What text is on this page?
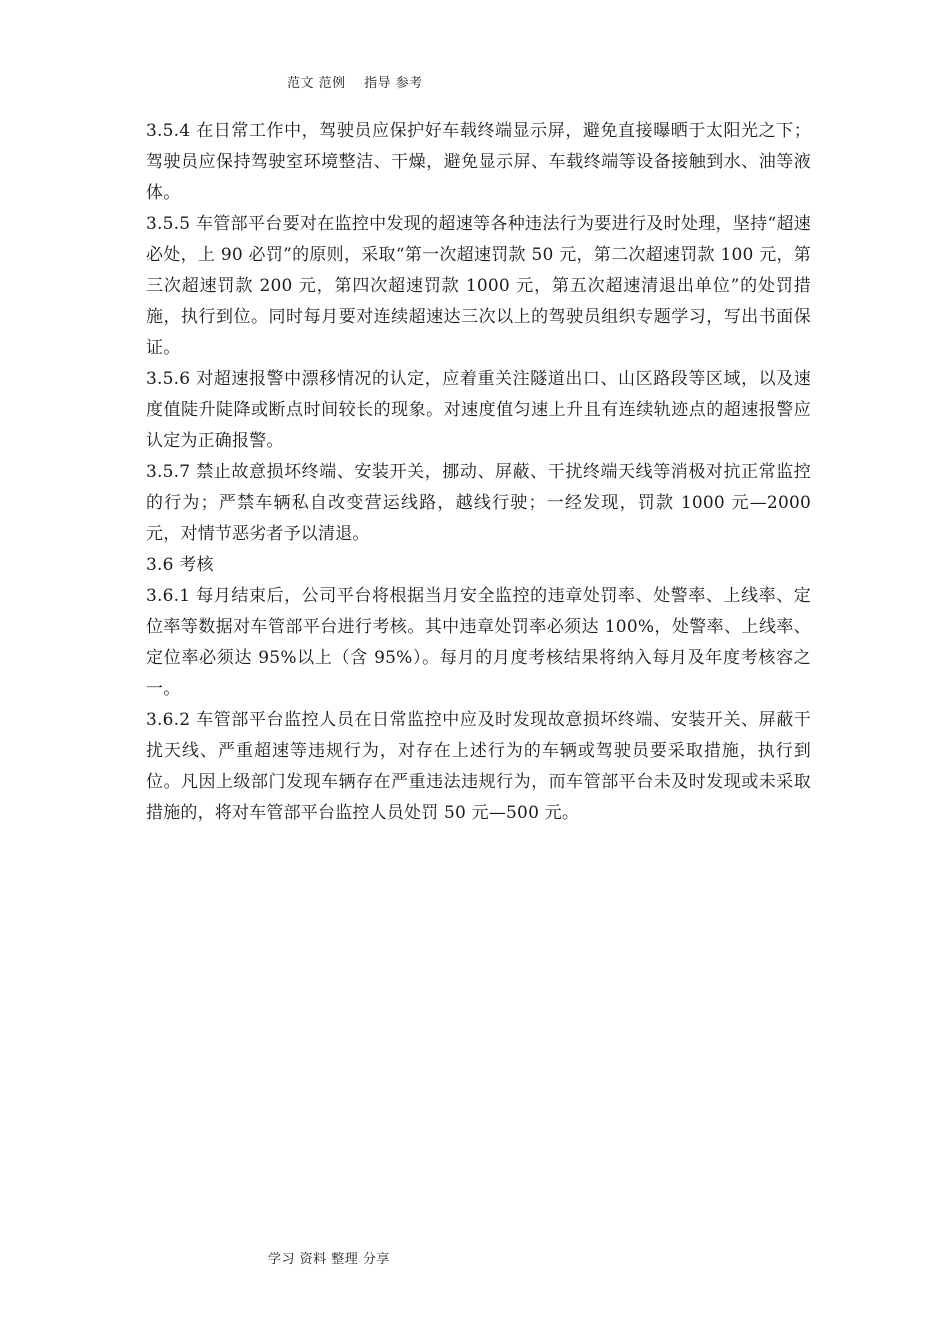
范文 范例    指导 参考

3.5.4 在日常工作中，驾驶员应保护好车载终端显示屏，避免直接曝晒于太阳光之下；驾驶员应保持驾驶室环境整洁、干燥，避免显示屏、车载终端等设备接触到水、油等液体。

3.5.5 车管部平台要对在监控中发现的超速等各种违法行为要进行及时处理，坚持“超速必处，上 90 必罚”的原则，采取“第一次超速罚款 50 元，第二次超速罚款 100 元，第三次超速罚款 200 元，第四次超速罚款 1000 元，第五次超速清退出单位”的处罚措施，执行到位。同时每月要对连续超速达三次以上的驾驶员组织专题学习，写出书面保证。

3.5.6 对超速报警中漂移情况的认定，应着重关注隧道出口、山区路段等区域，以及速度值陡升陡降或断点时间较长的现象。对速度值匀速上升且有连续轨迹点的超速报警应认定为正确报警。

3.5.7 禁止故意损坏终端、安装开关，挪动、屏蔽、干扰终端天线等消极对抗正常监控的行为；严禁车辆私自改变营运线路，越线行驶；一经发现，罚款 1000 元—2000 元，对情节恶劣者予以清退。

3.6 考核

3.6.1 每月结束后，公司平台将根据当月安全监控的违章处罚率、处警率、上线率、定位率等数据对车管部平台进行考核。其中违章处罚率必须达 100%，处警率、上线率、定位率必须达 95%以上（含 95%）。每月的月度考核结果将纳入每月及年度考核容之一。

3.6.2 车管部平台监控人员在日常监控中应及时发现故意损坏终端、安装开关、屏蔽干扰天线、严重超速等违规行为，对存在上述行为的车辆或驾驶员要采取措施，执行到位。凡因上级部门发现车辆存在严重违法违规行为，而车管部平台未及时发现或未采取措施的，将对车管部平台监控人员处罚 50 元—500 元。

学习 资料 整理 分享
